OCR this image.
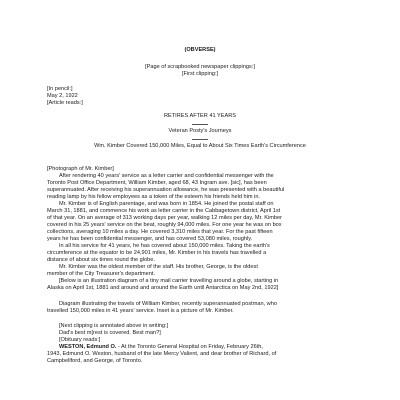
(OBVERSE)
[Page of scrapbooked newspaper clippings:]
[First clipping:]
[In pencil:]
May 2, 1922
[Article reads:]
RETIRES AFTER 41 YEARS
Veteran Posty's Journeys
Wm. Kimber Covered 150,000 Miles, Equal to About Six Times Earth's Circumference
[Photograph of Mr. Kimber]
After rendering 40 years' service as a letter carrier and confidential messenger with the
Toronto Post Office Department, William Kimber, aged 68, 43 Ingram ave. [sic], has been
superannuated. After receiving his superannuation allowance, he was presented with a beautiful
reading lamp by his fellow employees as a token of the esteem his friends held him in.
Mr. Kimber is of English parentage, and was born in 1854. He joined the postal staff on
March 31, 1881, and commence his work as letter carrier in the Cabbagetown district, April 1st
of that year. On an average of 313 working days per year, walking 12 miles per day, Mr. Kimber
covered in his 25 years' service on the beat, roughly 94,000 miles. For one year he was on box
collections, averaging 10 miles a day. He covered 3,310 miles that year. For the past fifteen
years he has been confidential messenger, and has covered 53,080 miles, roughly.
In all his service for 41 years, he has covered about 150,000 miles. Taking the earth's
circumference at the equator to be 24,901 miles, Mr. Kimber in his travels has travelled a
distance of about six times round the globe.
Mr. Kimber was the oldest member of the staff. His brother, George, is the oldest
member of the City Treasurer's department.
[Below is an illustration diagram of a tiny mail carrier travelling around a globe, starting in
Alaska on April 1st, 1881 and around and around the Earth until Antarctica on May 2nd, 1922]
Diagram illustrating the travels of William Kimber, recently superannuated postman, who
travelled 150,000 miles in 41 years' service. Inset is a picture of Mr. Kimber.
[Next clipping is annotated above in writing:]
Dad's best m[rest is covered. Best man?]
[Obituary reads:]
WESTON, Edmund O. - At the Toronto General Hospital on Friday, February 26th,
1943, Edmund O. Weston, husband of the late Mercy Valient, and dear brother of Richard, of
Campbellford, and George, of Toronto.
